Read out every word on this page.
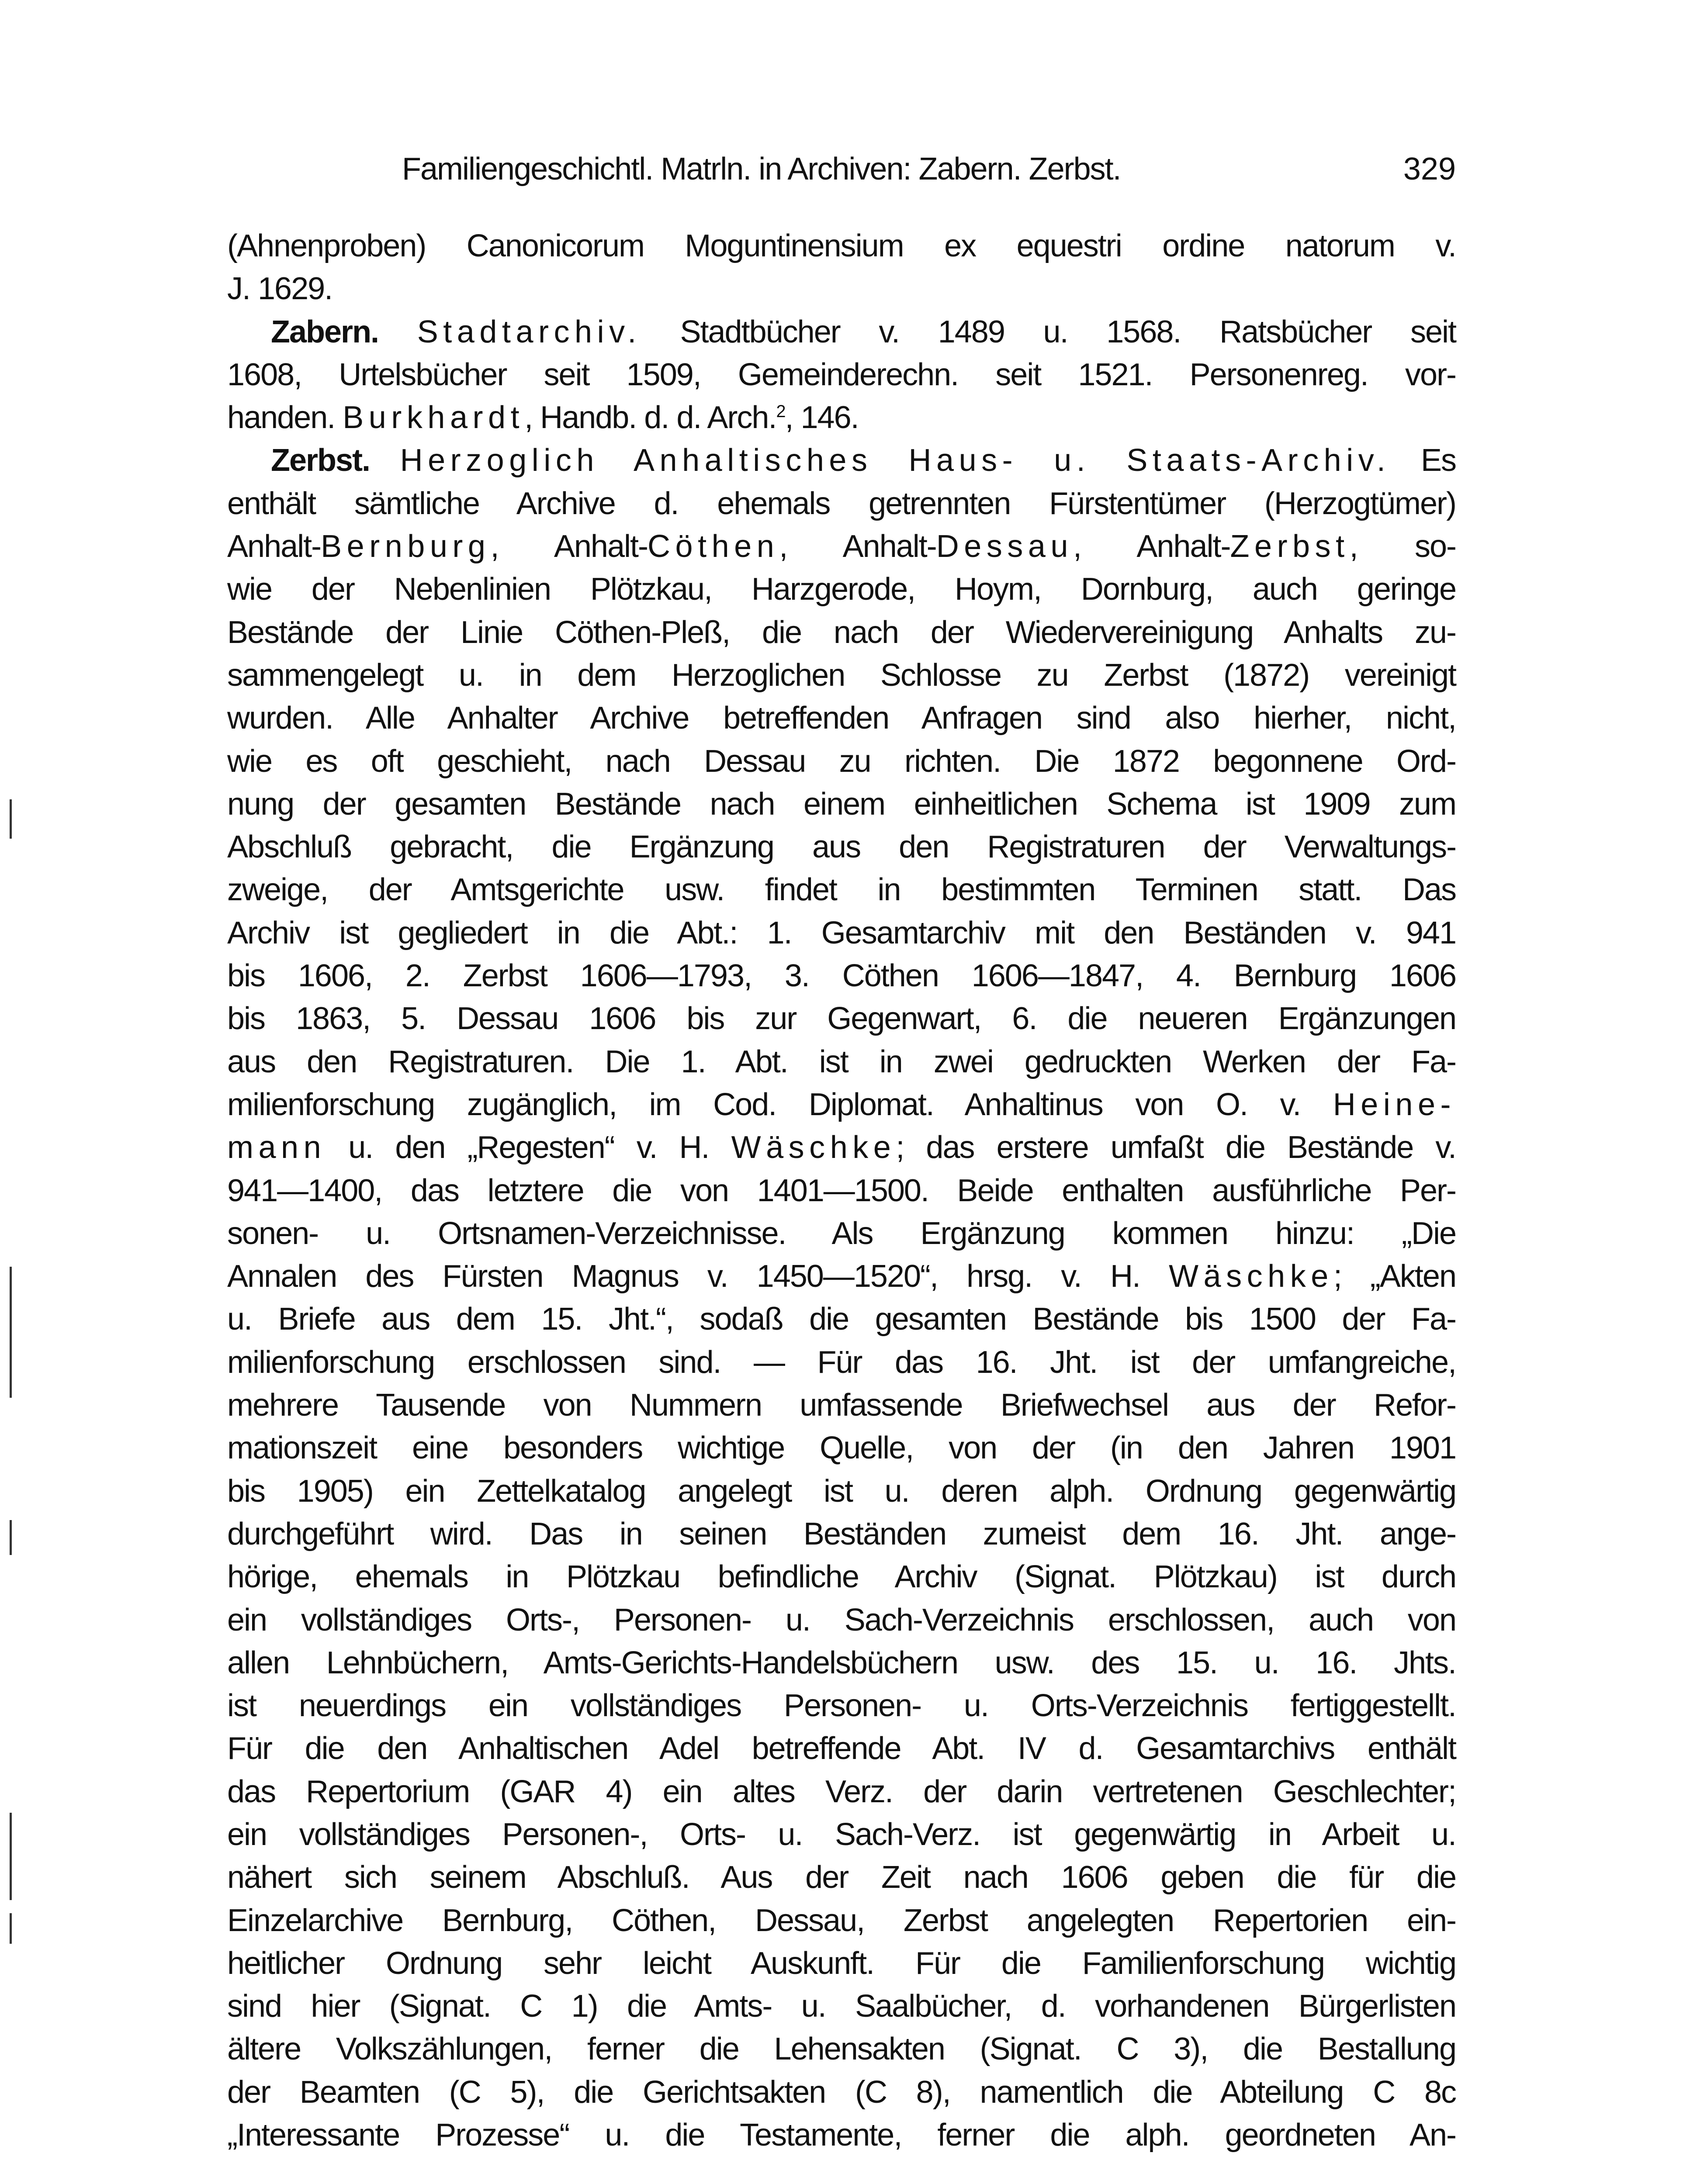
Familiengeschichtl. Matrln. in Archiven: Zabern. Zerbst.	329
(Ahnenproben) Canonicorum Moguntinensium ex equestri ordine natorum v.
J. 1629.
Zabern. Stadtarchiv. Stadtbücher v. 1489 u. 1568. Ratsbücher seit
1608, Urtelsbücher seit 1509, Gemeinderechn. seit 1521. Personenreg. vor-
handen. Burkhardt, Handb. d. d. Arch.$^2$, 146.
Zerbst. Herzoglich Anhaltisches Haus- u. Staats-Archiv. Es
enthält sämtliche Archive d. ehemals getrennten Fürstentümer (Herzogtümer)
Anhalt-Bernburg, Anhalt-Cöthen, Anhalt-Dessau, Anhalt-Zerbst, so-
wie der Nebenlinien Plötzkau, Harzgerode, Hoym, Dornburg, auch geringe
Bestände der Linie Cöthen-Pleß, die nach der Wiedervereinigung Anhalts zu-
sammengelegt u. in dem Herzoglichen Schlosse zu Zerbst (1872) vereinigt
wurden. Alle Anhalter Archive betreffenden Anfragen sind also hierher, nicht,
wie es oft geschieht, nach Dessau zu richten. Die 1872 begonnene Ord-
nung der gesamten Bestände nach einem einheitlichen Schema ist 1909 zum
Abschluß gebracht, die Ergänzung aus den Registraturen der Verwaltungs-
zweige, der Amtsgerichte usw. findet in bestimmten Terminen statt. Das
Archiv ist gegliedert in die Abt.: 1. Gesamtarchiv mit den Beständen v. 941
bis 1606, 2. Zerbst 1606—1793, 3. Cöthen 1606—1847, 4. Bernburg 1606
bis 1863, 5. Dessau 1606 bis zur Gegenwart, 6. die neueren Ergänzungen
aus den Registraturen. Die 1. Abt. ist in zwei gedruckten Werken der Fa-
milienforschung zugänglich, im Cod. Diplomat. Anhaltinus von O. v. Heine-
mann u. den „Regesten“ v. H. Wäschke; das erstere umfaßt die Bestände v.
941—1400, das letztere die von 1401—1500. Beide enthalten ausführliche Per-
sonen- u. Ortsnamen-Verzeichnisse. Als Ergänzung kommen hinzu: „Die
Annalen des Fürsten Magnus v. 1450—1520“, hrsg. v. H. Wäschke; „Akten
u. Briefe aus dem 15. Jht.“, sodaß die gesamten Bestände bis 1500 der Fa-
milienforschung erschlossen sind. — Für das 16. Jht. ist der umfangreiche,
mehrere Tausende von Nummern umfassende Briefwechsel aus der Refor-
mationszeit eine besonders wichtige Quelle, von der (in den Jahren 1901
bis 1905) ein Zettelkatalog angelegt ist u. deren alph. Ordnung gegenwärtig
durchgeführt wird. Das in seinen Beständen zumeist dem 16. Jht. ange-
hörige, ehemals in Plötzkau befindliche Archiv (Signat. Plötzkau) ist durch
ein vollständiges Orts-, Personen- u. Sach-Verzeichnis erschlossen, auch von
allen Lehnbüchern, Amts-Gerichts-Handelsbüchern usw. des 15. u. 16. Jhts.
ist neuerdings ein vollständiges Personen- u. Orts-Verzeichnis fertiggestellt.
Für die den Anhaltischen Adel betreffende Abt. IV d. Gesamtarchivs enthält
das Repertorium (GAR 4) ein altes Verz. der darin vertretenen Geschlechter;
ein vollständiges Personen-, Orts- u. Sach-Verz. ist gegenwärtig in Arbeit u.
nähert sich seinem Abschluß. Aus der Zeit nach 1606 geben die für die
Einzelarchive Bernburg, Cöthen, Dessau, Zerbst angelegten Repertorien ein-
heitlicher Ordnung sehr leicht Auskunft. Für die Familienforschung wichtig
sind hier (Signat. C 1) die Amts- u. Saalbücher, d. vorhandenen Bürgerlisten
ältere Volkszählungen, ferner die Lehensakten (Signat. C 3), die Bestallung
der Beamten (C 5), die Gerichtsakten (C 8), namentlich die Abteilung C 8c
„Interessante Prozesse“ u. die Testamente, ferner die alph. geordneten An-
